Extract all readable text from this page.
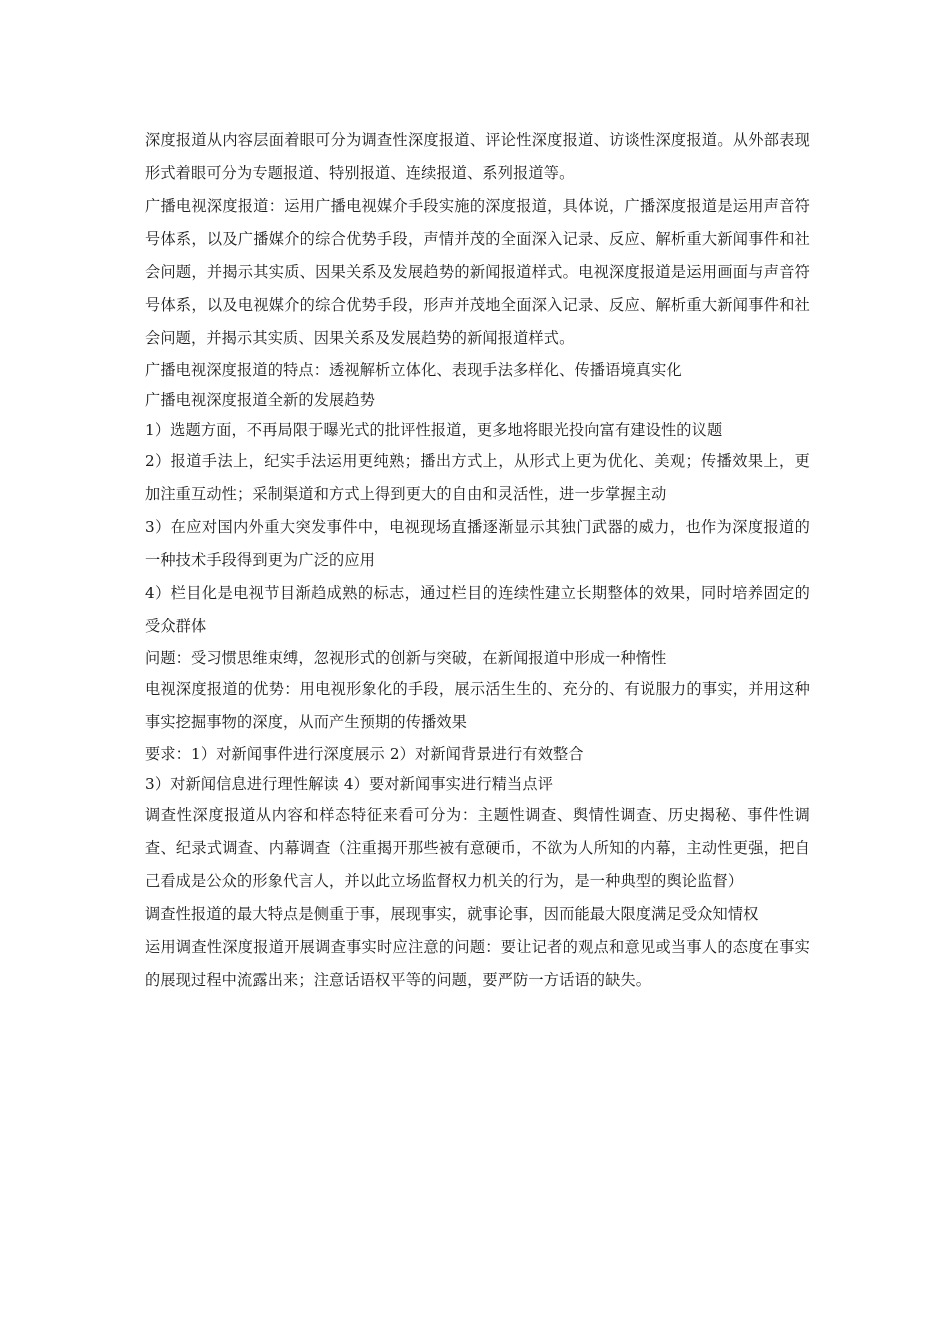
深度报道从内容层面着眼可分为调查性深度报道、评论性深度报道、访谈性深度报道。从外部表现形式着眼可分为专题报道、特别报道、连续报道、系列报道等。

广播电视深度报道：运用广播电视媒介手段实施的深度报道，具体说，广播深度报道是运用声音符号体系，以及广播媒介的综合优势手段，声情并茂的全面深入记录、反应、解析重大新闻事件和社会问题，并揭示其实质、因果关系及发展趋势的新闻报道样式。电视深度报道是运用画面与声音符号体系，以及电视媒介的综合优势手段，形声并茂地全面深入记录、反应、解析重大新闻事件和社会问题，并揭示其实质、因果关系及发展趋势的新闻报道样式。

广播电视深度报道的特点：透视解析立体化、表现手法多样化、传播语境真实化

广播电视深度报道全新的发展趋势

1）选题方面，不再局限于曝光式的批评性报道，更多地将眼光投向富有建设性的议题

2）报道手法上，纪实手法运用更纯熟；播出方式上，从形式上更为优化、美观；传播效果上，更加注重互动性；采制渠道和方式上得到更大的自由和灵活性，进一步掌握主动

3）在应对国内外重大突发事件中，电视现场直播逐渐显示其独门武器的威力，也作为深度报道的一种技术手段得到更为广泛的应用

4）栏目化是电视节目渐趋成熟的标志，通过栏目的连续性建立长期整体的效果，同时培养固定的受众群体

问题：受习惯思维束缚，忽视形式的创新与突破，在新闻报道中形成一种惰性

电视深度报道的优势：用电视形象化的手段，展示活生生的、充分的、有说服力的事实，并用这种事实挖掘事物的深度，从而产生预期的传播效果

要求：1）对新闻事件进行深度展示 2）对新闻背景进行有效整合

3）对新闻信息进行理性解读 4）要对新闻事实进行精当点评

调查性深度报道从内容和样态特征来看可分为：主题性调查、舆情性调查、历史揭秘、事件性调查、纪录式调查、内幕调查（注重揭开那些被有意硬币，不欲为人所知的内幕，主动性更强，把自己看成是公众的形象代言人，并以此立场监督权力机关的行为，是一种典型的舆论监督）

调查性报道的最大特点是侧重于事，展现事实，就事论事，因而能最大限度满足受众知情权

运用调查性深度报道开展调查事实时应注意的问题：要让记者的观点和意见或当事人的态度在事实的展现过程中流露出来；注意话语权平等的问题，要严防一方话语的缺失。
